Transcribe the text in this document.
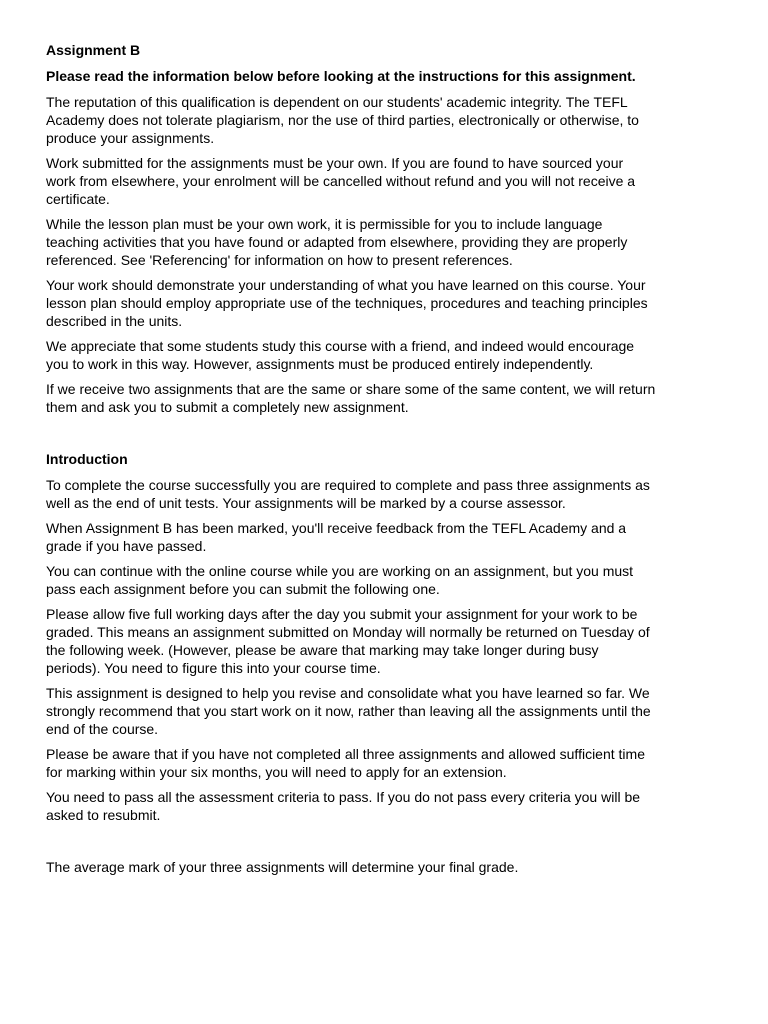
Assignment B
Please read the information below before looking at the instructions for this assignment.

The reputation of this qualification is dependent on our students' academic integrity. The TEFL
Academy does not tolerate plagiarism, nor the use of third parties, electronically or otherwise, to
produce your assignments.

Work submitted for the assignments must be your own. If you are found to have sourced your
work from elsewhere, your enrolment will be cancelled without refund and you will not receive a
certificate.

While the lesson plan must be your own work, it is permissible for you to include language
teaching activities that you have found or adapted from elsewhere, providing they are properly
referenced. See 'Referencing' for information on how to present references.

Your work should demonstrate your understanding of what you have learned on this course. Your
lesson plan should employ appropriate use of the techniques, procedures and teaching principles
described in the units.

We appreciate that some students study this course with a friend, and indeed would encourage
you to work in this way. However, assignments must be produced entirely independently.

If we receive two assignments that are the same or share some of the same content, we will return
them and ask you to submit a completely new assignment.

Introduction

To complete the course successfully you are required to complete and pass three assignments as
well as the end of unit tests. Your assignments will be marked by a course assessor.

When Assignment B has been marked, you'll receive feedback from the TEFL Academy and a
grade if you have passed.

You can continue with the online course while you are working on an assignment, but you must
pass each assignment before you can submit the following one.

Please allow five full working days after the day you submit your assignment for your work to be
graded. This means an assignment submitted on Monday will normally be returned on Tuesday of
the following week. (However, please be aware that marking may take longer during busy
periods). You need to figure this into your course time.

This assignment is designed to help you revise and consolidate what you have learned so far. We
strongly recommend that you start work on it now, rather than leaving all the assignments until the
end of the course.

Please be aware that if you have not completed all three assignments and allowed sufficient time
for marking within your six months, you will need to apply for an extension.

You need to pass all the assessment criteria to pass. If you do not pass every criteria you will be
asked to resubmit.

The average mark of your three assignments will determine your final grade.
